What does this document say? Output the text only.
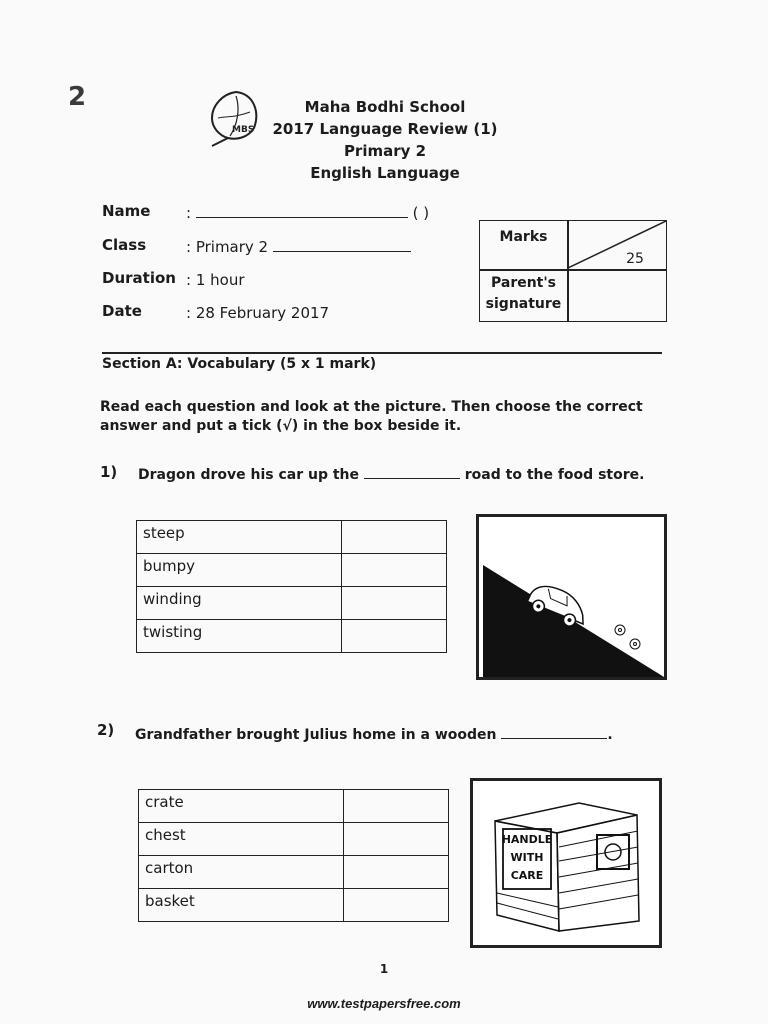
2
MBS
Maha Bodhi School
2017 Language Review (1)
Primary 2
English Language
Name :	( )
Class	: Primary 2
Duration : 1 hour
Date	: 28 February 2017
Marks
25
Parent's
signature
Section A: Vocabulary (5 x 1 mark)
Read each question and look at the picture. Then choose the correct answer and put a tick (√) in the box beside it.
1) Dragon drove his car up the	road to the food store.
steep	
bumpy	
winding	
twisting	
2) Grandfather brought Julius home in a wooden	.
crate	
chest	
carton	
basket	
HANDLE
WITH
CARE
1
www.testpapersfree.com
